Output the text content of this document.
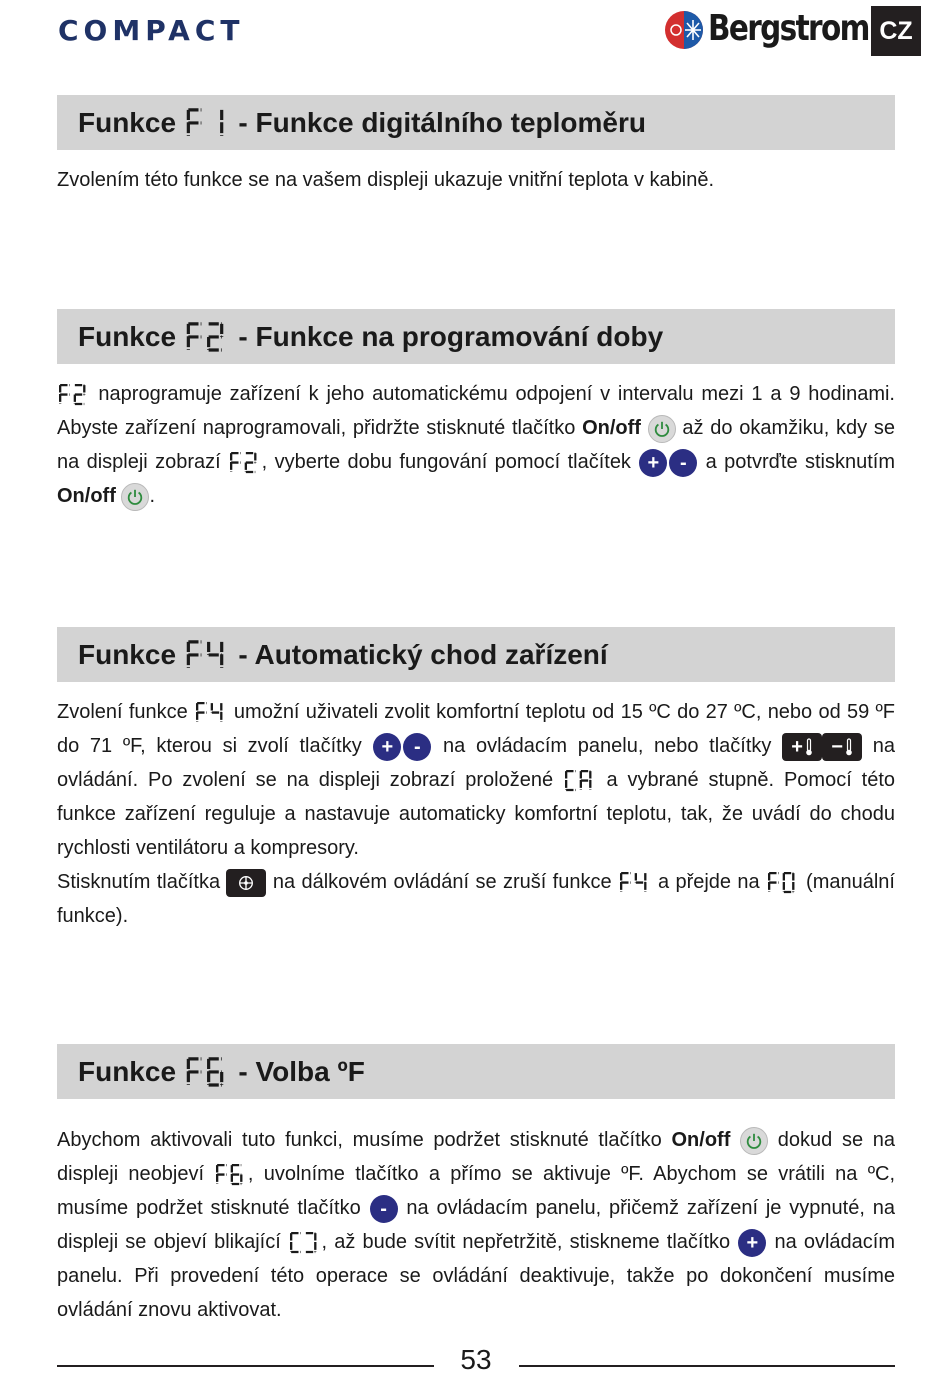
COMPACT	Bergstrom CZ
Funkce - Funkce digitálního teploměru

Zvolením této funkce se na vašem displeji ukazuje vnitřní teplota v kabině.

Funkce - Funkce na programování doby

naprogramuje zařízení k jeho automatickému odpojení v intervalu mezi 1 a 9 hodinami. Abyste zařízení naprogramovali, přidržte stisknuté tlačítko On/off
až do okamžiku, kdy se na displeji zobrazí
, vyberte dobu fungování pomocí tlačítek + - a potvrďte stisknutím On/off .

Funkce - Automatický chod zařízení

Zvolení funkce
umožní uživateli zvolit komfortní teplotu od 15 ºC do 27 ºC, nebo od 59 ºF do 71 ºF, kterou si zvolí tlačítky + - na ovládacím panelu, nebo tlačítky +
−
na ovládání. Po zvolení se na displeji zobrazí proložené
a vybrané stupně. Pomocí této funkce zařízení reguluje a nastavuje automaticky komfortní teplotu, tak, že uvádí do chodu rychlosti ventilátoru a kompresory.
Stisknutím tlačítka
na dálkovém ovládání se zruší funkce
a přejde na
(manuální funkce).

Funkce - Volba ºF

Abychom aktivovali tuto funkci, musíme podržet stisknuté tlačítko On/off
dokud se na displeji neobjeví
, uvolníme tlačítko a přímo se aktivuje ºF. Abychom se vrátili na ºC, musíme podržet stisknuté tlačítko - na ovládacím panelu, přičemž zařízení je vypnuté, na displeji se objeví blikající
, až bude svítit nepřetržitě, stiskneme tlačítko + na ovládacím panelu. Při provedení této operace se ovládání deaktivuje, takže po dokončení musíme ovládání znovu aktivovat.

53
